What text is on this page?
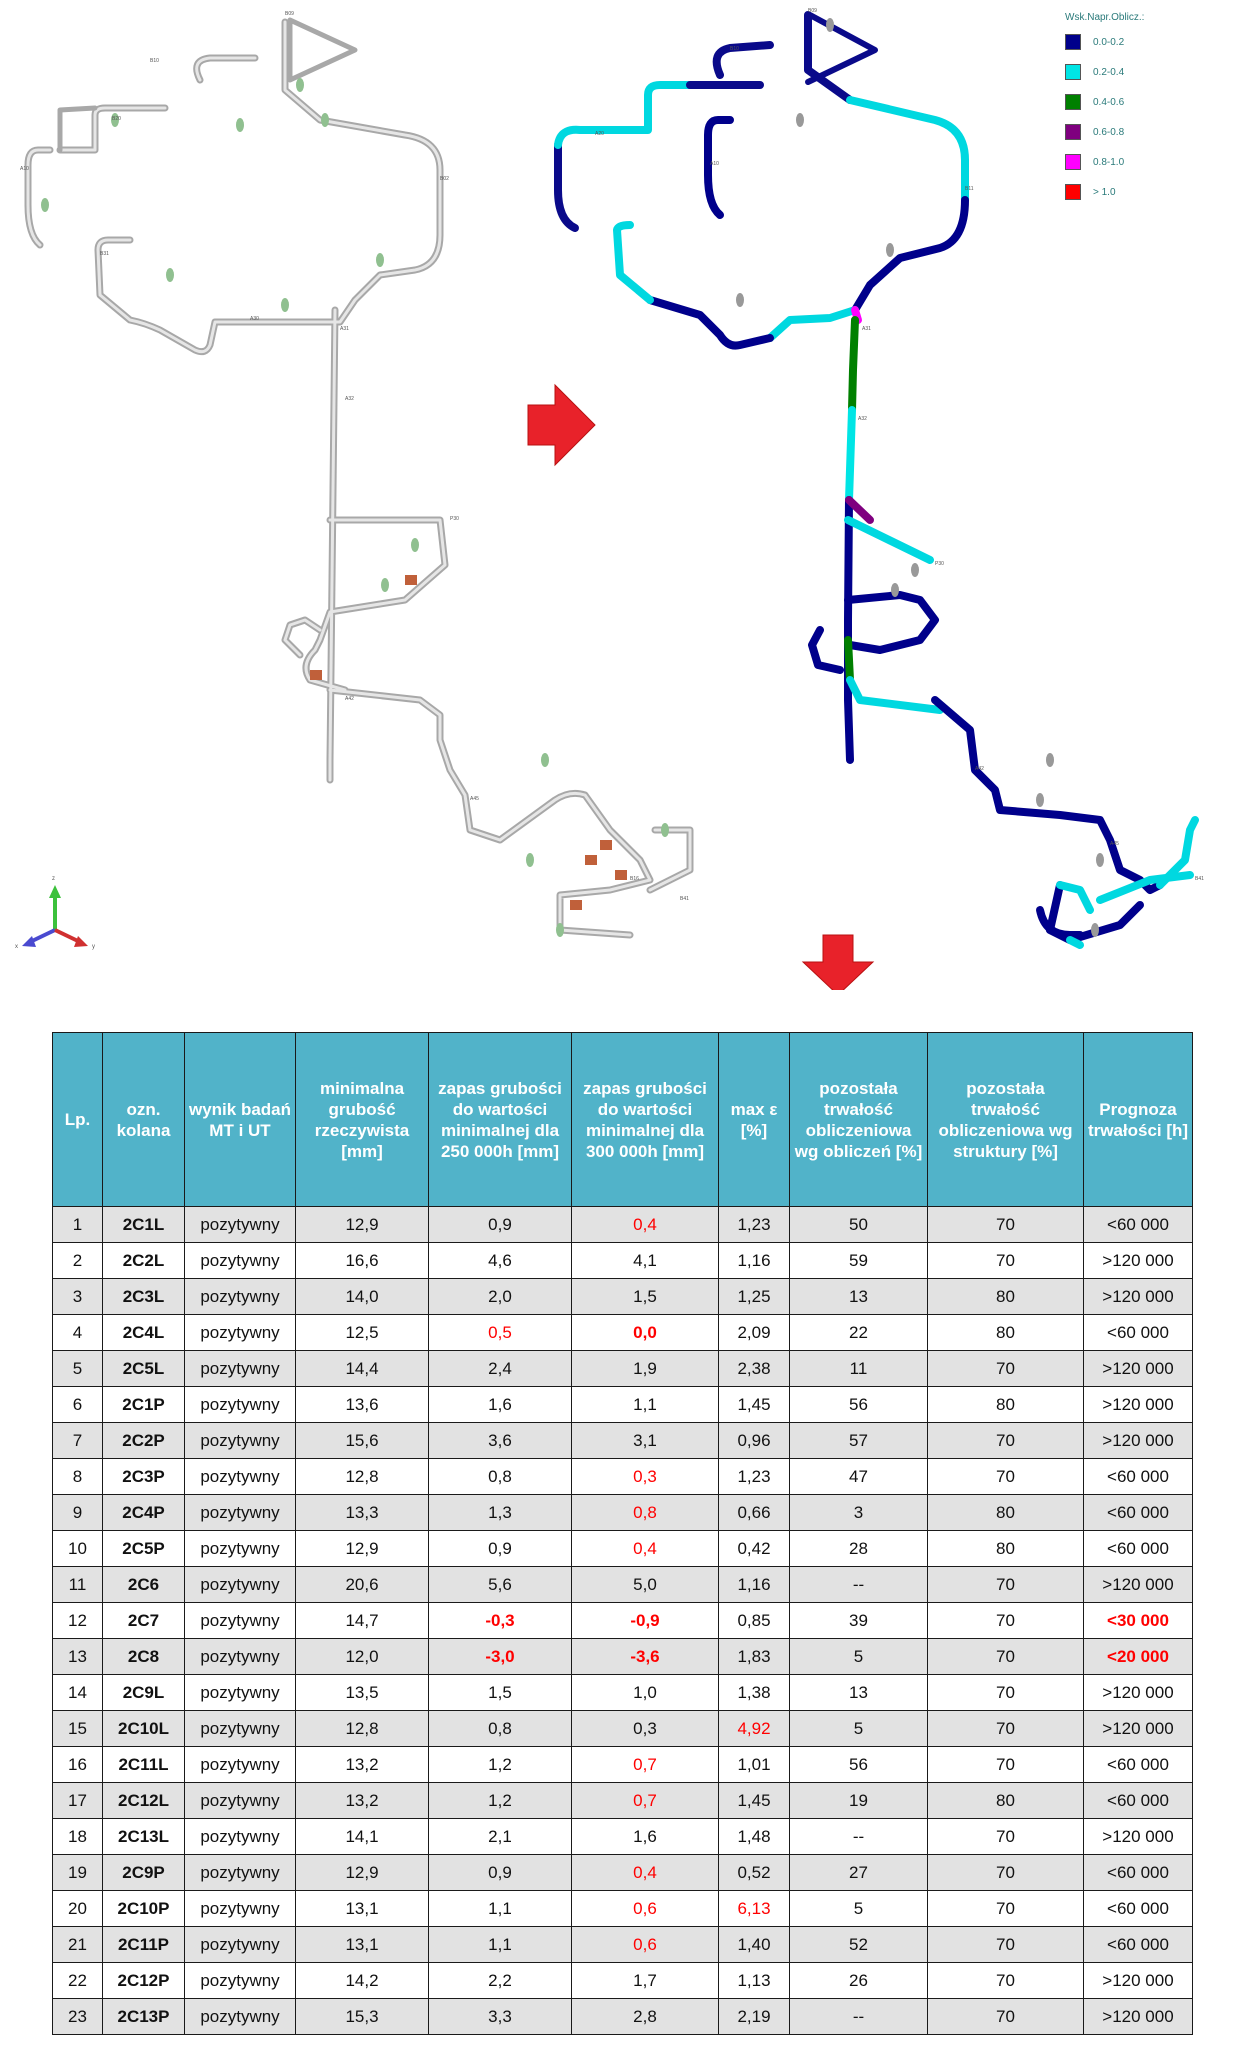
B09
B10
B20
A10
B31
A30
A31
B02
A32
P30
A42
A45
B16
B41
z
x	y
B09
B10
A20
A10
B11
A31
A32
P30
A42
A45
B41
Wsk.Napr.Oblicz.:
0.0-0.2
0.2-0.4
0.4-0.6
0.6-0.8
0.8-1.0
> 1.0
Lp.	ozn. kolana	wynik badań MT i UT	minimalna grubość rzeczywista [mm]	zapas grubości do wartości minimalnej dla 250 000h [mm]	zapas grubości do wartości minimalnej dla 300 000h [mm]	max ε [%]	pozostała trwałość obliczeniowa wg obliczeń [%]	pozostała trwałość obliczeniowa wg struktury [%]	Prognoza trwałości [h]
1	2C1L	pozytywny	12,9	0,9	0,4	1,23	50	70	<60 000
2	2C2L	pozytywny	16,6	4,6	4,1	1,16	59	70	>120 000
3	2C3L	pozytywny	14,0	2,0	1,5	1,25	13	80	>120 000
4	2C4L	pozytywny	12,5	0,5	0,0	2,09	22	80	<60 000
5	2C5L	pozytywny	14,4	2,4	1,9	2,38	11	70	>120 000
6	2C1P	pozytywny	13,6	1,6	1,1	1,45	56	80	>120 000
7	2C2P	pozytywny	15,6	3,6	3,1	0,96	57	70	>120 000
8	2C3P	pozytywny	12,8	0,8	0,3	1,23	47	70	<60 000
9	2C4P	pozytywny	13,3	1,3	0,8	0,66	3	80	<60 000
10	2C5P	pozytywny	12,9	0,9	0,4	0,42	28	80	<60 000
11	2C6	pozytywny	20,6	5,6	5,0	1,16	--	70	>120 000
12	2C7	pozytywny	14,7	-0,3	-0,9	0,85	39	70	<30 000
13	2C8	pozytywny	12,0	-3,0	-3,6	1,83	5	70	<20 000
14	2C9L	pozytywny	13,5	1,5	1,0	1,38	13	70	>120 000
15	2C10L	pozytywny	12,8	0,8	0,3	4,92	5	70	>120 000
16	2C11L	pozytywny	13,2	1,2	0,7	1,01	56	70	<60 000
17	2C12L	pozytywny	13,2	1,2	0,7	1,45	19	80	<60 000
18	2C13L	pozytywny	14,1	2,1	1,6	1,48	--	70	>120 000
19	2C9P	pozytywny	12,9	0,9	0,4	0,52	27	70	<60 000
20	2C10P	pozytywny	13,1	1,1	0,6	6,13	5	70	<60 000
21	2C11P	pozytywny	13,1	1,1	0,6	1,40	52	70	<60 000
22	2C12P	pozytywny	14,2	2,2	1,7	1,13	26	70	>120 000
23	2C13P	pozytywny	15,3	3,3	2,8	2,19	--	70	>120 000
